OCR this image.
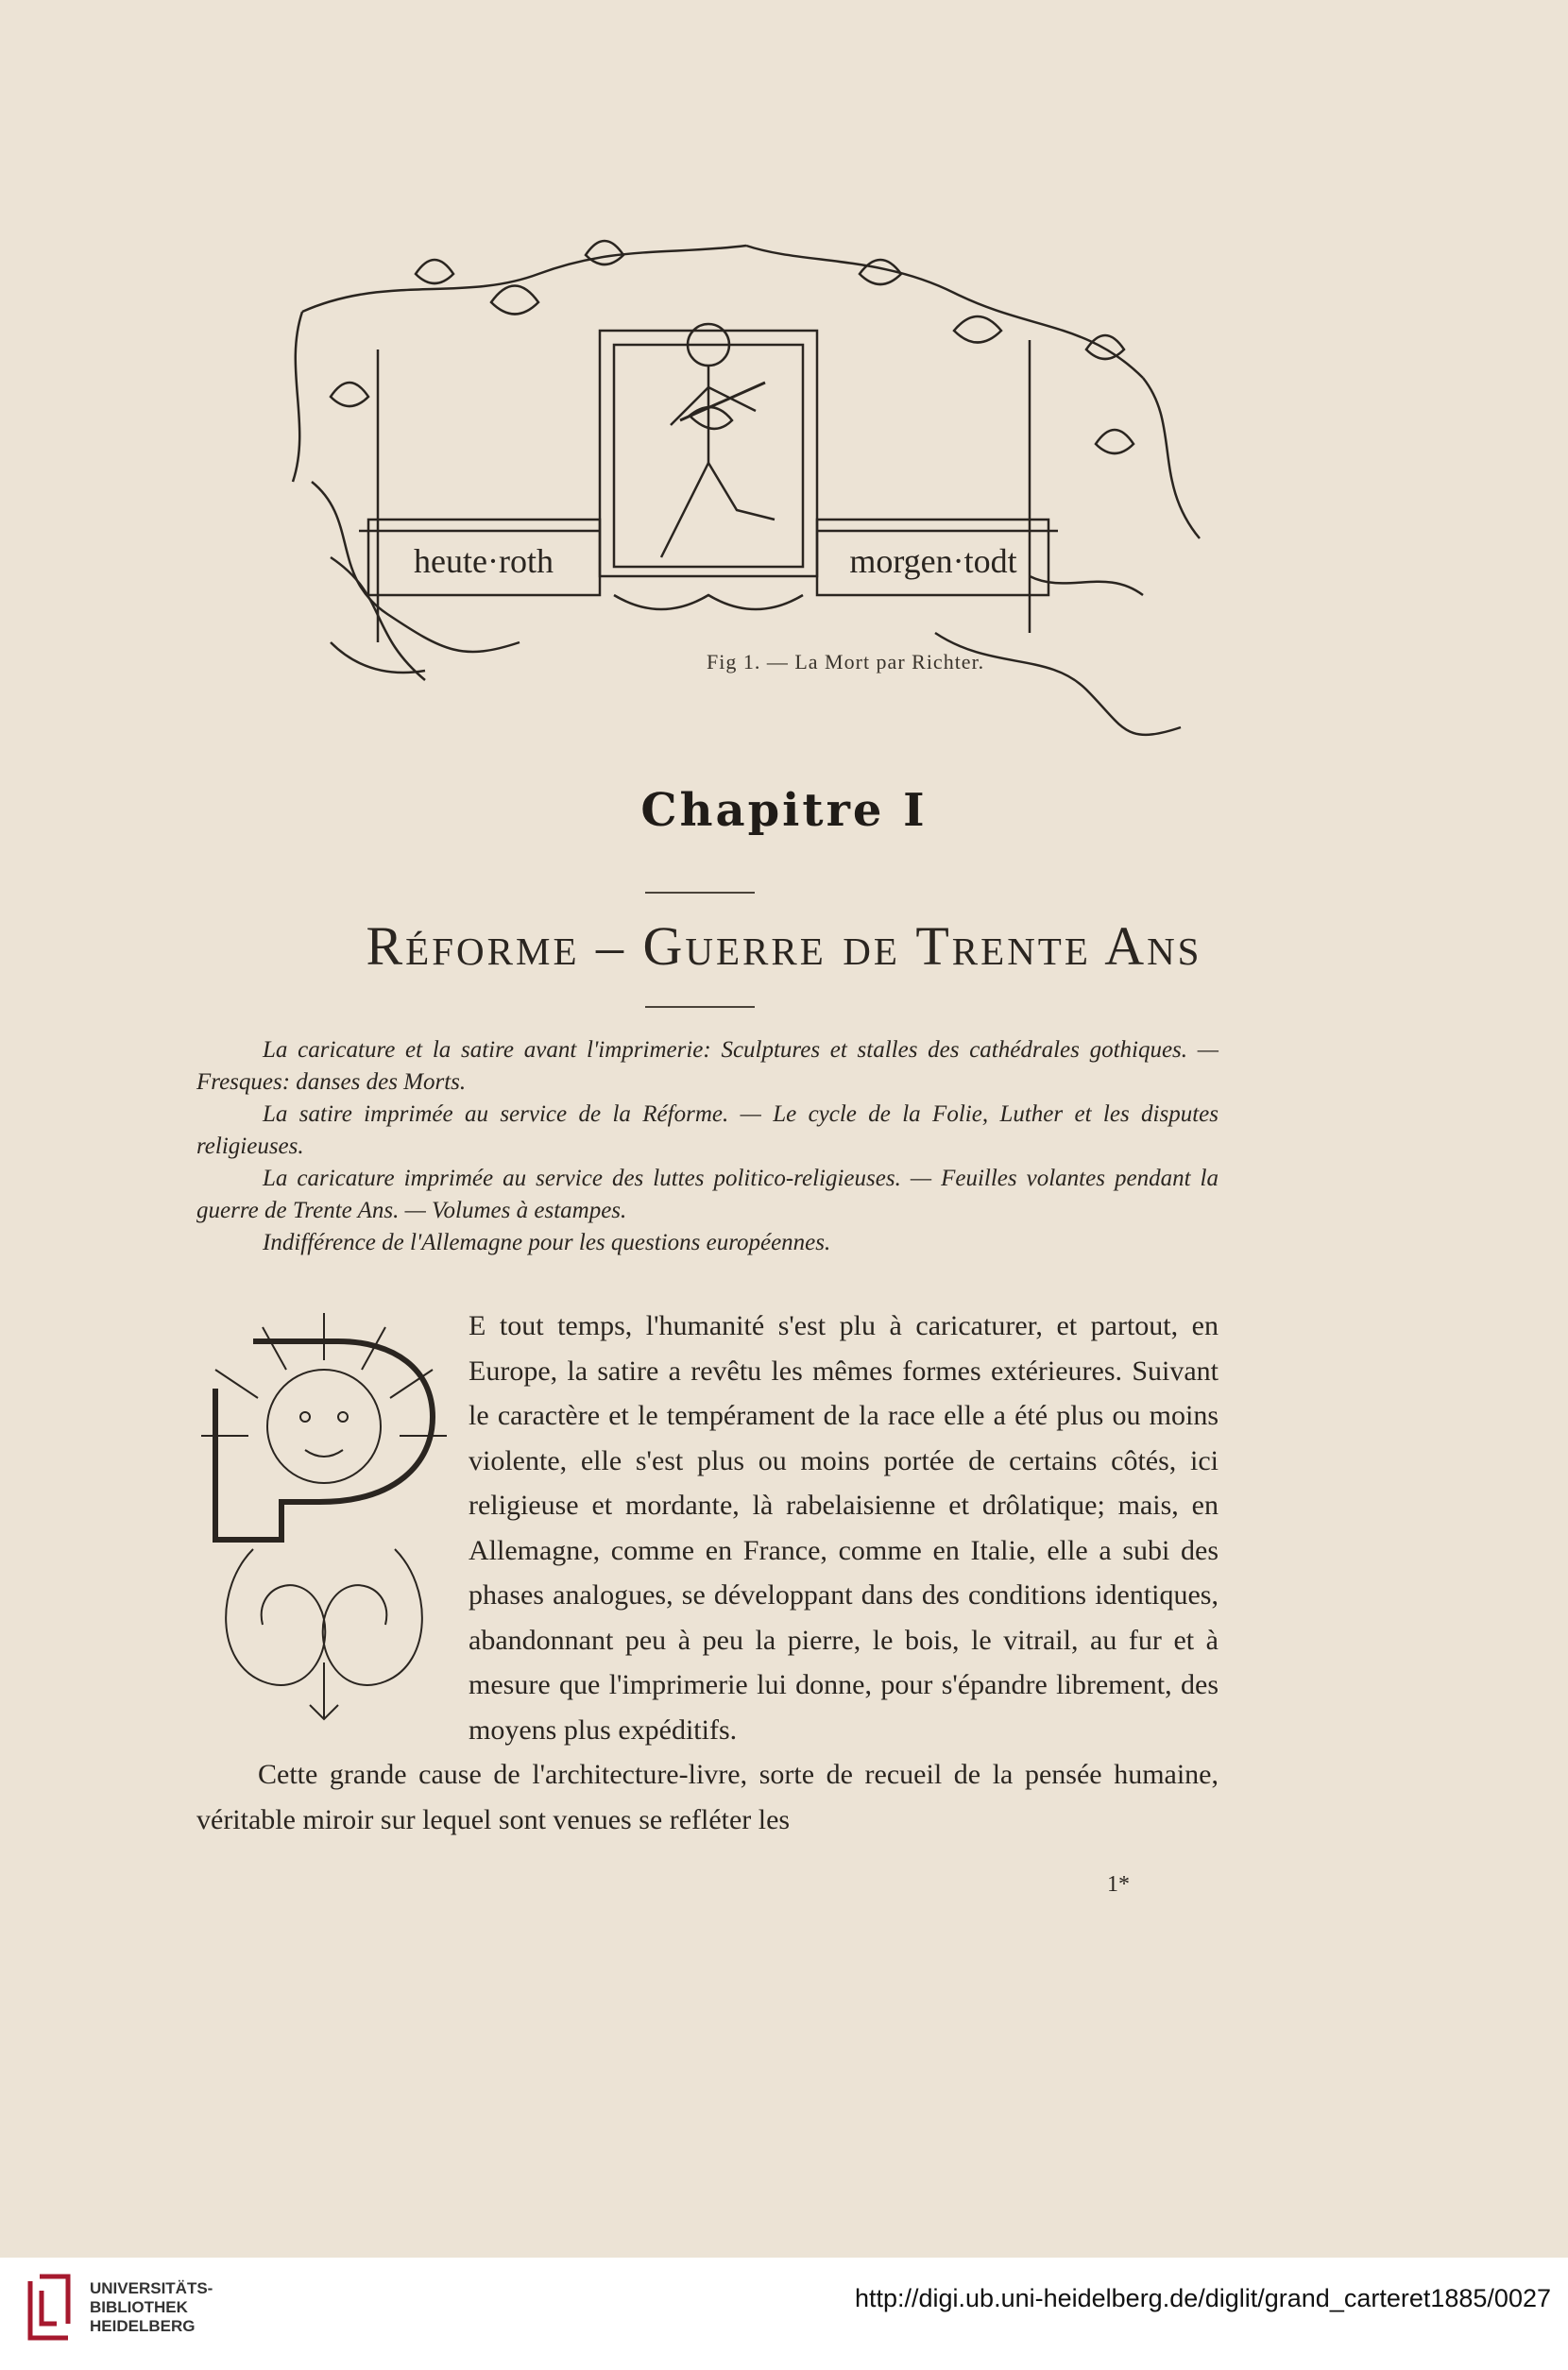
heute·roth	morgen·todt
Fig 1. — La Mort par Richter.
Chapitre I
Réforme – Guerre de Trente Ans

La caricature et la satire avant l'imprimerie: Sculptures et stalles des cathédrales gothiques. — Fresques: danses des Morts.

La satire imprimée au service de la Réforme. — Le cycle de la Folie, Luther et les disputes religieuses.

La caricature imprimée au service des luttes politico-religieuses. — Feuilles volantes pendant la guerre de Trente Ans. — Volumes à estampes.

Indifférence de l'Allemagne pour les questions européennes.

D

E tout temps, l'humanité s'est plu à caricaturer, et partout, en Europe, la satire a revêtu les mêmes formes extérieures. Suivant le caractère et le tempérament de la race elle a été plus ou moins violente, elle s'est plus ou moins portée de certains côtés, ici religieuse et mordante, là rabelaisienne et drôlatique; mais, en Allemagne, comme en France, comme en Italie, elle a subi des phases analogues, se développant dans des conditions identiques, abandonnant peu à peu la pierre, le bois, le vitrail, au fur et à mesure que l'imprimerie lui donne, pour s'épandre librement, des moyens plus expéditifs.

Cette grande cause de l'architecture-livre, sorte de recueil de la pensée humaine, véritable miroir sur lequel sont venues se refléter les

1*
UNIVERSITÄTS-
BIBLIOTHEK
HEIDELBERG
http://digi.ub.uni-heidelberg.de/diglit/grand_carteret1885/0027
